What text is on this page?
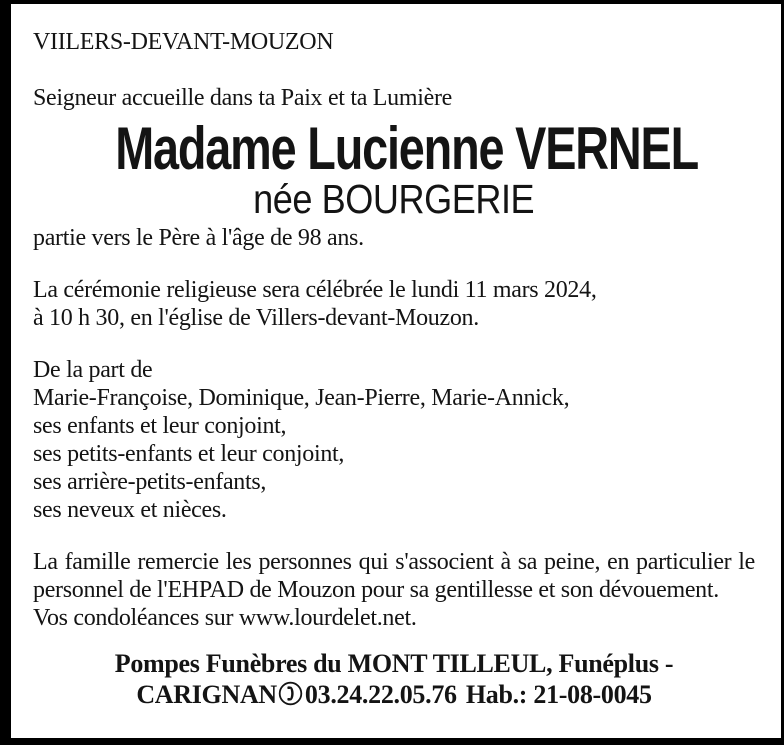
VIILERS-DEVANT-MOUZON

Seigneur accueille dans ta Paix et ta Lumière

Madame Lucienne VERNEL
née BOURGERIE

partie vers le Père à l'âge de 98 ans.

La cérémonie religieuse sera célébrée le lundi 11 mars 2024,
à 10 h 30, en l'église de Villers-devant-Mouzon.

De la part de
Marie-Françoise, Dominique, Jean-Pierre, Marie-Annick,
ses enfants et leur conjoint,
ses petits-enfants et leur conjoint,
ses arrière-petits-enfants,
ses neveux et nièces.

La famille remercie les personnes qui s'associent à sa peine, en particulier le personnel de l'EHPAD de Mouzon pour sa gentillesse et son dévouement.

Vos condoléances sur www.lourdelet.net.

Pompes Funèbres du MONT TILLEUL, Funéplus -
CARIGNAN 03.24.22.05.76 Hab.: 21-08-0045
